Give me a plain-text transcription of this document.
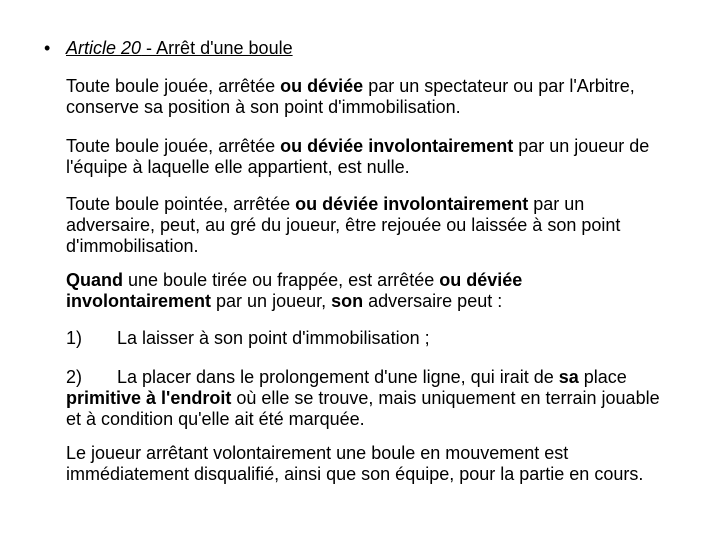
• Article 20 - Arrêt d'une boule

Toute boule jouée, arrêtée ou déviée par un spectateur ou par l'Arbitre, conserve sa position à son point d'immobilisation.

Toute boule jouée, arrêtée ou déviée involontairement par un joueur de l'équipe à laquelle elle appartient, est nulle.

Toute boule pointée, arrêtée ou déviée involontairement par un adversaire, peut, au gré du joueur, être rejouée ou laissée à son point d'immobilisation.

Quand une boule tirée ou frappée, est arrêtée ou déviée involontairement par un joueur, son adversaire peut :

1) La laisser à son point d'immobilisation ;

2) La placer dans le prolongement d'une ligne, qui irait de sa place primitive à l'endroit où elle se trouve, mais uniquement en terrain jouable et à condition qu'elle ait été marquée.

Le joueur arrêtant volontairement une boule en mouvement est immédiatement disqualifié, ainsi que son équipe, pour la partie en cours.
